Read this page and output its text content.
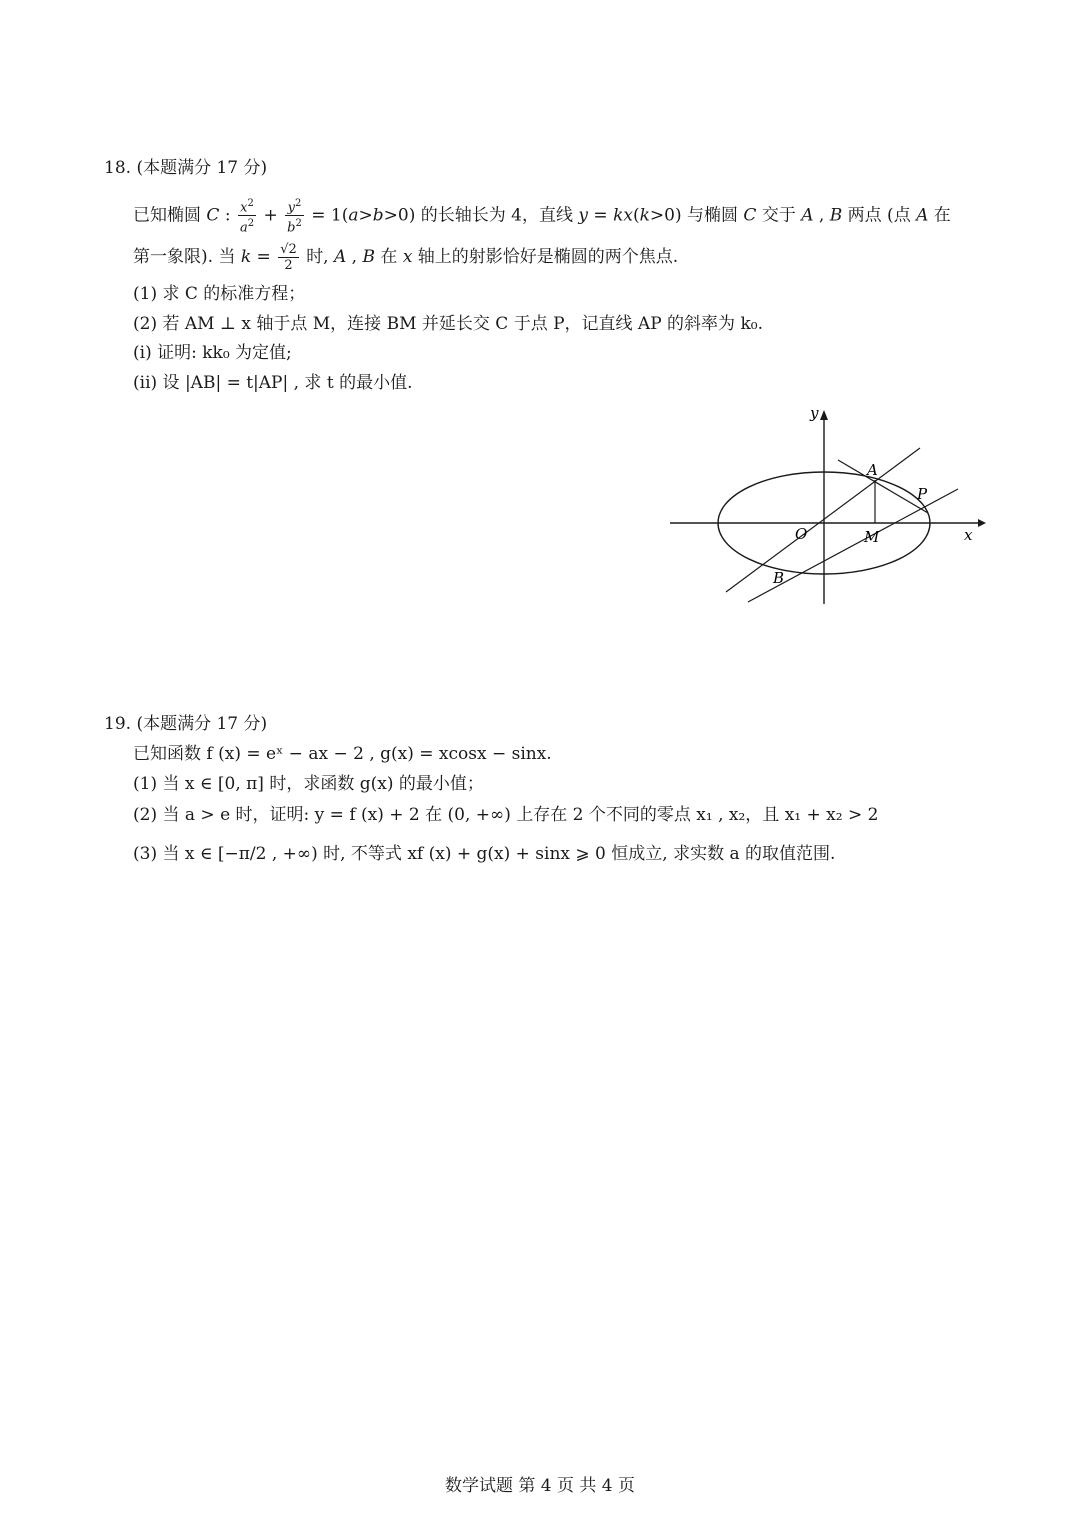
18. (本题满分 17 分)
已知椭圆 C : $\frac{x^2}{a^2} + \frac{y^2}{b^2} = 1(a>b>0)$ 的长轴长为 4，直线 y = kx(k>0) 与椭圆 C 交于 A , B 两点 (点 A 在
第一象限). 当 $k = \frac{√2}{2}$ 时, A , B 在 x 轴上的射影恰好是椭圆的两个焦点.
(1) 求 C 的标准方程；
(2) 若 AM ⊥ x 轴于点 M，连接 BM 并延长交 C 于点 P，记直线 AP 的斜率为 k₀.
(i) 证明: kk₀ 为定值;
(ii) 设 |AB| = t|AP| , 求 t 的最小值.
y
x
O
A
B
P
M
19. (本题满分 17 分)
已知函数 f (x) = eˣ − ax − 2 , g(x) = xcosx − sinx.
(1) 当 x ∈ [0, π] 时，求函数 g(x) 的最小值；
(2) 当 a > e 时，证明: y = f (x) + 2 在 (0, +∞) 上存在 2 个不同的零点 x₁ , x₂，且 x₁ + x₂ > 2
(3) 当 x ∈ [−π/2 , +∞) 时, 不等式 xf (x) + g(x) + sinx ⩾ 0 恒成立, 求实数 a 的取值范围.
数学试题 第 4 页 共 4 页
